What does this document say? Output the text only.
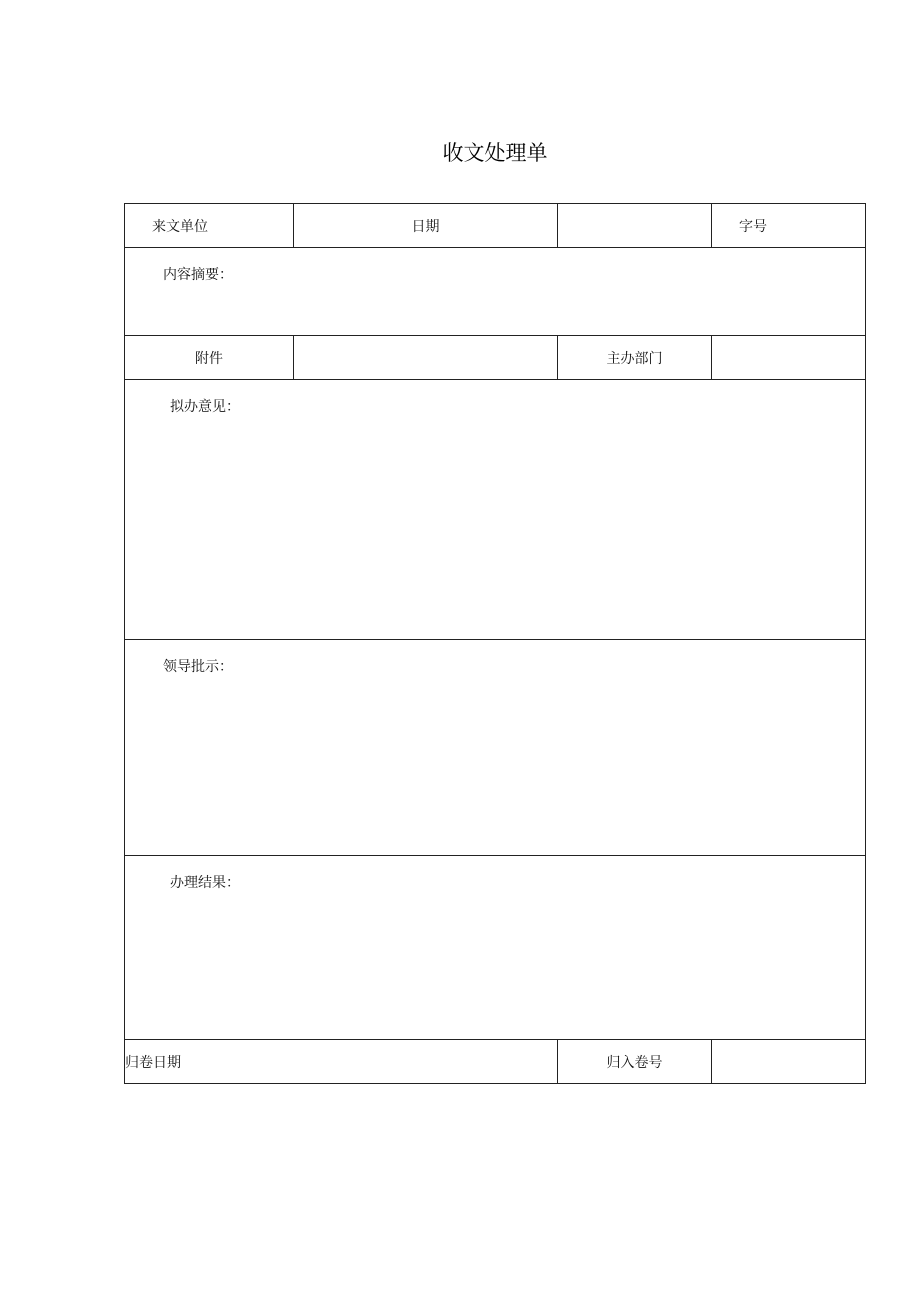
收文处理单
来文单位	日期		字号

内容摘要：			

附件		主办部门	

拟办意见：			

领导批示：			

办理结果：			

归卷日期		归入卷号	
